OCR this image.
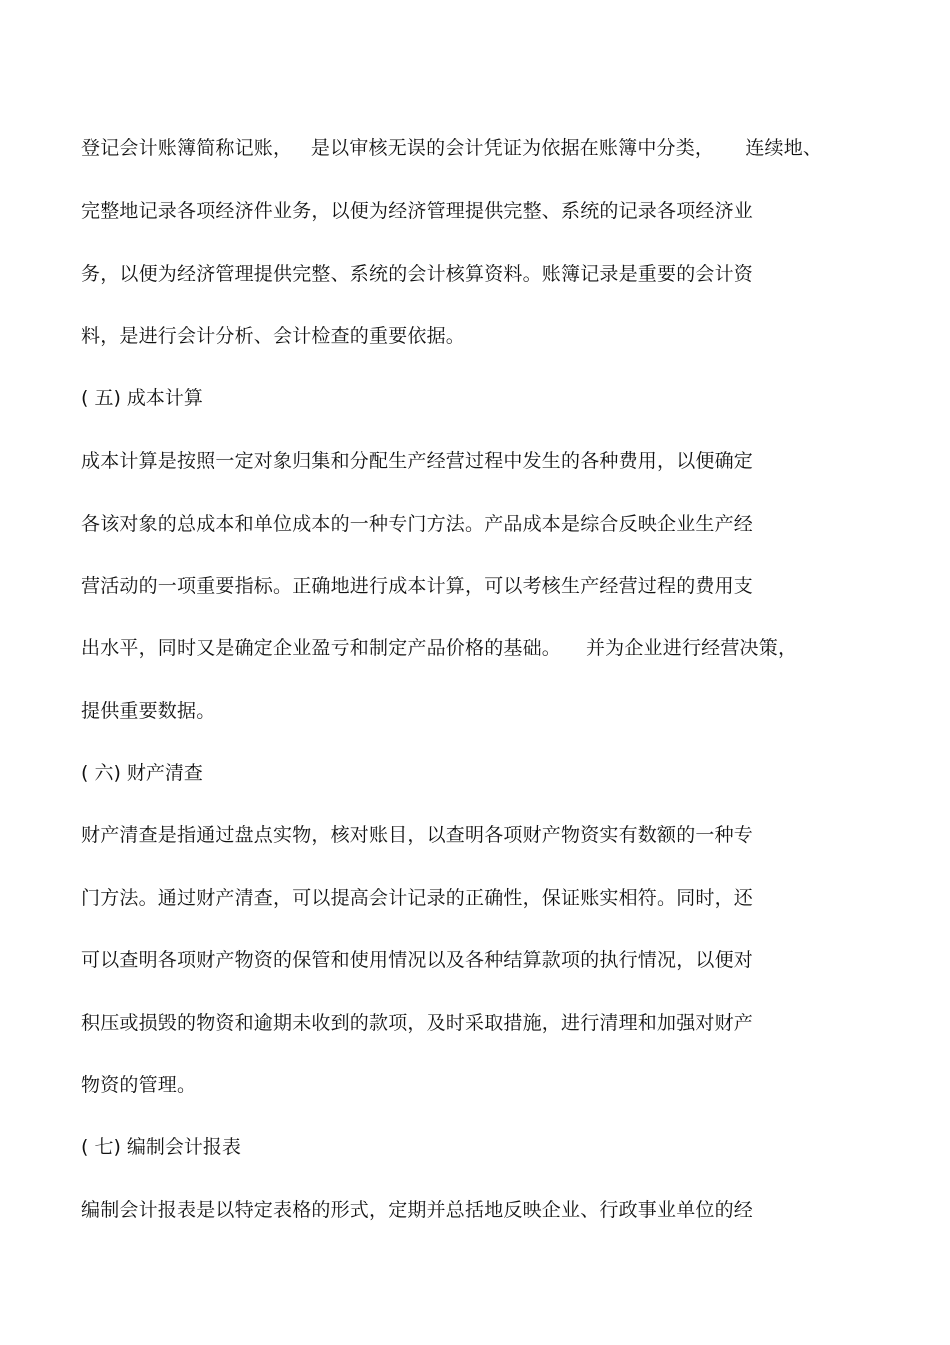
登记会计账簿简称记账，   是以审核无误的会计凭证为依据在账簿中分类，     连续地、
完整地记录各项经济件业务，以便为经济管理提供完整、系统的记录各项经济业
务，以便为经济管理提供完整、系统的会计核算资料。账簿记录是重要的会计资
料，是进行会计分析、会计检查的重要依据。
( 五) 成本计算
成本计算是按照一定对象归集和分配生产经营过程中发生的各种费用，以便确定
各该对象的总成本和单位成本的一种专门方法。产品成本是综合反映企业生产经
营活动的一项重要指标。正确地进行成本计算，可以考核生产经营过程的费用支
出水平，同时又是确定企业盈亏和制定产品价格的基础。    并为企业进行经营决策，
提供重要数据。
( 六) 财产清查
财产清查是指通过盘点实物，核对账目，以查明各项财产物资实有数额的一种专
门方法。通过财产清查，可以提高会计记录的正确性，保证账实相符。同时，还
可以查明各项财产物资的保管和使用情况以及各种结算款项的执行情况，以便对
积压或损毁的物资和逾期未收到的款项，及时采取措施，进行清理和加强对财产
物资的管理。
( 七) 编制会计报表
编制会计报表是以特定表格的形式，定期并总括地反映企业、行政事业单位的经
